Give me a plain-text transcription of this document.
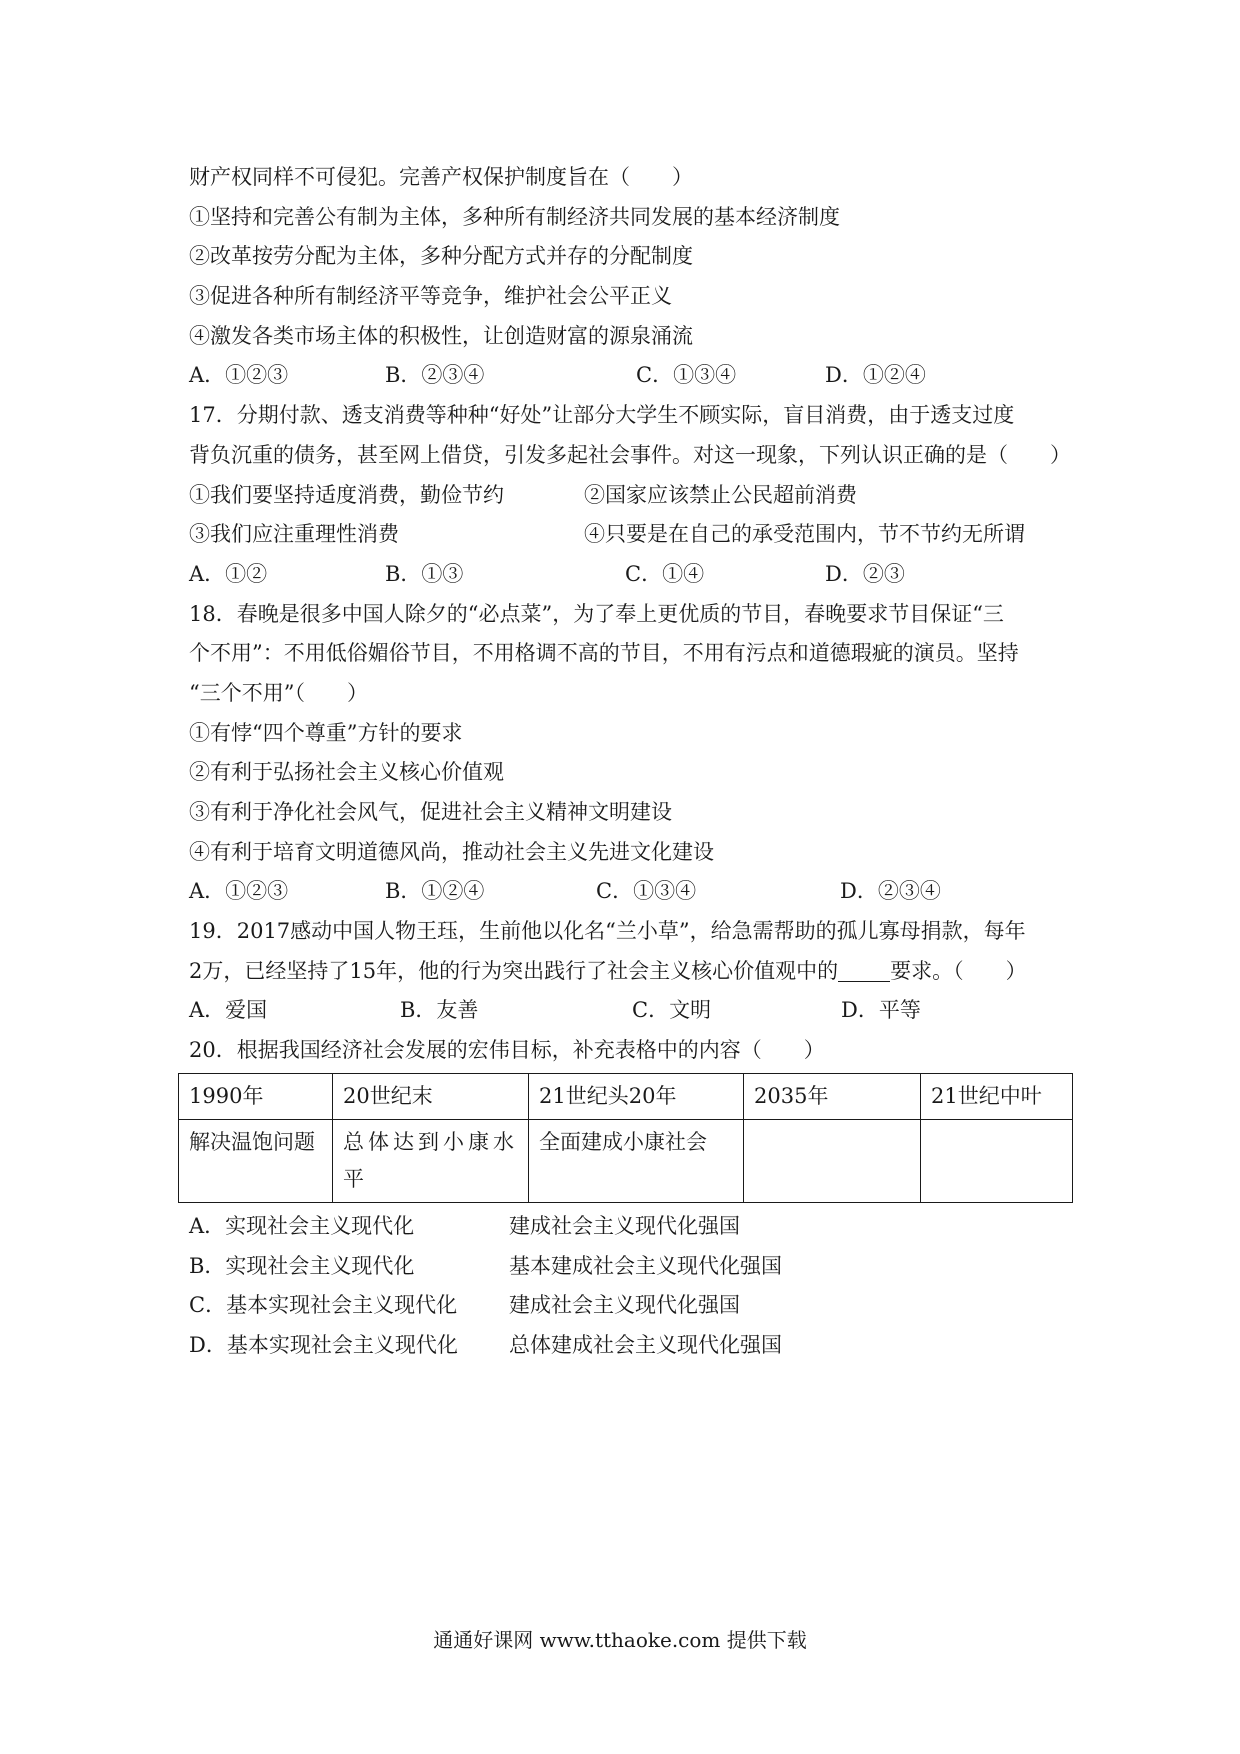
财产权同样不可侵犯。完善产权保护制度旨在（　　）
①坚持和完善公有制为主体，多种所有制经济共同发展的基本经济制度
②改革按劳分配为主体，多种分配方式并存的分配制度
③促进各种所有制经济平等竞争，维护社会公平正义
④激发各类市场主体的积极性，让创造财富的源泉涌流
A．①②③	B．②③④	C．①③④	D．①②④
17．分期付款、透支消费等种种“好处”让部分大学生不顾实际，盲目消费，由于透支过度
背负沉重的债务，甚至网上借贷，引发多起社会事件。对这一现象，下列认识正确的是（　　）
①我们要坚持适度消费，勤俭节约	②国家应该禁止公民超前消费
③我们应注重理性消费	④只要是在自己的承受范围内，节不节约无所谓
A．①②	B．①③	C．①④	D．②③
18．春晚是很多中国人除夕的“必点菜”，为了奉上更优质的节目，春晚要求节目保证“三
个不用”：不用低俗媚俗节目，不用格调不高的节目，不用有污点和道德瑕疵的演员。坚持
“三个不用”（　　）
①有悖“四个尊重”方针的要求
②有利于弘扬社会主义核心价值观
③有利于净化社会风气，促进社会主义精神文明建设
④有利于培育文明道德风尚，推动社会主义先进文化建设
A．①②③	B．①②④	C．①③④	D．②③④
19．2017感动中国人物王珏，生前他以化名“兰小草”，给急需帮助的孤儿寡母捐款，每年
2万，已经坚持了15年，他的行为突出践行了社会主义核心价值观中的 要求。（　　）
A．爱国	B．友善	C．文明	D．平等
20．根据我国经济社会发展的宏伟目标，补充表格中的内容（　　）
1990年	20世纪末	21世纪头20年	2035年	21世纪中叶
解决温饱问题	总体达到小康水平	全面建成小康社会		
A．实现社会主义现代化	建成社会主义现代化强国
B．实现社会主义现代化	基本建成社会主义现代化强国
C．基本实现社会主义现代化	建成社会主义现代化强国
D．基本实现社会主义现代化	总体建成社会主义现代化强国
通通好课网 www.tthaoke.com 提供下载
